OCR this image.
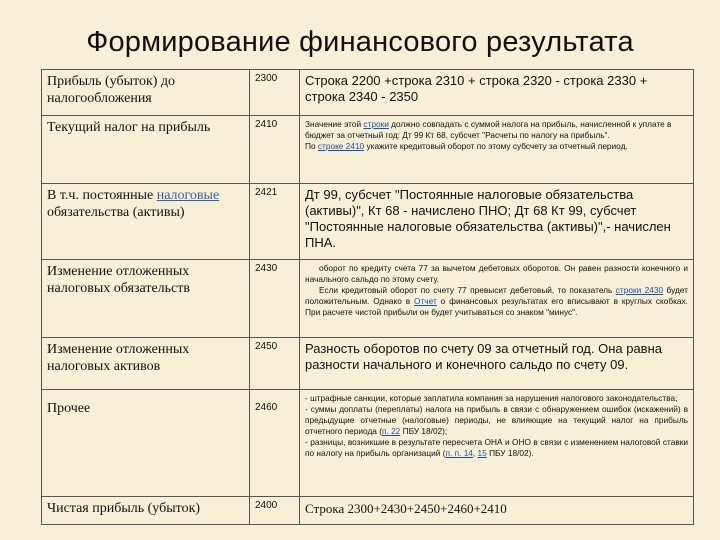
Формирование финансового результата
Прибыль (убыток) до налогообложения	2300	Строка 2200 +строка 2310 + строка 2320 - строка 2330 + строка 2340 - 2350
Текущий налог на прибыль	2410	Значение этой строки должно совпадать с суммой налога на прибыль, начисленной к уплате в бюджет за отчетный год: Дт 99 Кт 68, субсчет "Расчеты по налогу на прибыль".
По строке 2410 укажите кредитовый оборот по этому субсчету за отчетный период.

В т.ч. постоянные налоговые обязательства (активы)	2421	Дт 99, субсчет "Постоянные налоговые обязательства (активы)", Кт 68 - начислено ПНО; Дт 68 Кт 99, субсчет "Постоянные налоговые обязательства (активы)",- начислен ПНА.
Изменение отложенных налоговых обязательств	2430	оборот по кредиту счета 77 за вычетом дебетовых оборотов. Он равен разности конечного и начального сальдо по этому счету.
Если кредитовый оборот по счету 77 превысит дебетовый, то показатель строки 2430 будет положительным. Однако в Отчет о финансовых результатах его вписывают в круглых скобках. При расчете чистой прибыли он будет учитываться со знаком "минус".

Изменение отложенных налоговых активов	2450	Разность оборотов по счету 09 за отчетный год. Она равна разности начального и конечного сальдо по счету 09.
Прочее	2460	- штрафные санкции, которые заплатила компания за нарушения налогового законодательства;
- суммы доплаты (переплаты) налога на прибыль в связи с обнаружением ошибок (искажений) в предыдущие отчетные (налоговые) периоды, не влияющие на текущий налог на прибыль отчетного периода (п. 22 ПБУ 18/02);
- разницы, возникшие в результате пересчета ОНА и ОНО в связи с изменением налоговой ставки по налогу на прибыль организаций (п. п. 14, 15 ПБУ 18/02).

Чистая прибыль (убыток)	2400	Строка 2300+2430+2450+2460+2410
